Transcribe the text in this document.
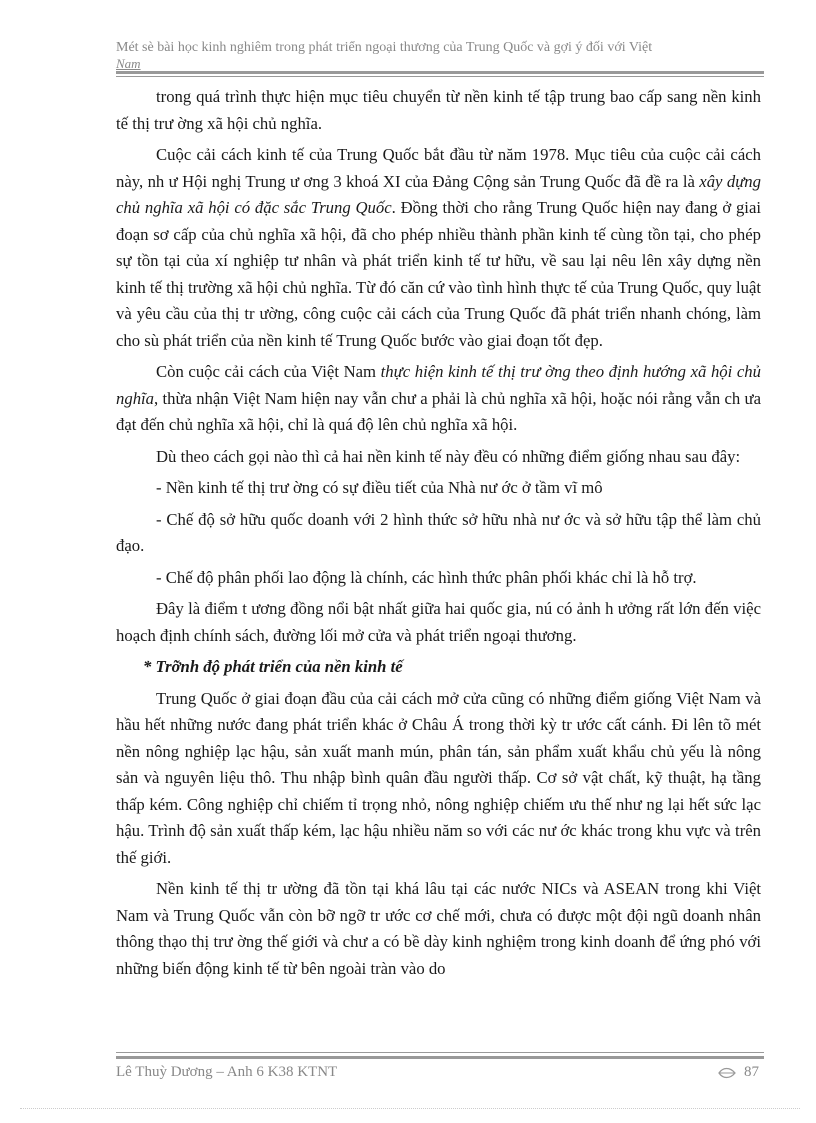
Mét sè bài học kinh nghiêm trong phát triển ngoại thương của Trung Quốc và gợi ý đối với Việt
Nam

trong quá trình thực hiện mục tiêu chuyển từ nền kinh tế tập trung bao cấp sang nền kinh tế thị trư ờng xã hội chủ nghĩa.

Cuộc cải cách kinh tế của Trung Quốc bắt đầu từ năm 1978. Mục tiêu của cuộc cải cách này, nh ư Hội nghị Trung ư ơng 3 khoá XI của Đảng Cộng sản Trung Quốc đã đề ra là xây dựng chủ nghĩa xã hội có đặc sắc Trung Quốc. Đồng thời cho rằng Trung Quốc hiện nay đang ở giai đoạn sơ cấp của chủ nghĩa xã hội, đã cho phép nhiều thành phần kinh tế cùng tồn tại, cho phép sự tồn tại của xí nghiệp tư nhân và phát triển kinh tế tư hữu, về sau lại nêu lên xây dựng nền kinh tế thị trường xã hội chủ nghĩa. Từ đó căn cứ vào tình hình thực tế của Trung Quốc, quy luật và yêu cầu của thị tr ường, công cuộc cải cách của Trung Quốc đã phát triển nhanh chóng, làm cho sù phát triển của nền kinh tế Trung Quốc bước vào giai đoạn tốt đẹp.

Còn cuộc cải cách của Việt Nam thực hiện kinh tế thị trư ờng theo định hướng xã hội chủ nghĩa, thừa nhận Việt Nam hiện nay vẫn chư a phải là chủ nghĩa xã hội, hoặc nói rằng vẫn ch ưa đạt đến chủ nghĩa xã hội, chỉ là quá độ lên chủ nghĩa xã hội.

Dù theo cách gọi nào thì cả hai nền kinh tế này đều có những điểm giống nhau sau đây:

- Nền kinh tế thị trư ờng có sự điều tiết của Nhà nư ớc ở tầm vĩ mô

- Chế độ sở hữu quốc doanh với 2 hình thức sở hữu nhà nư ớc và sở hữu tập thể làm chủ đạo.

- Chế độ phân phối lao động là chính, các hình thức phân phối khác chỉ là hỗ trợ.

Đây là điểm t ương đồng nổi bật nhất giữa hai quốc gia, nú có ảnh h ưởng rất lớn đến việc hoạch định chính sách, đường lối mở cửa và phát triển ngoại thương.

* Trỡnh độ phát triển của nền kinh tế

Trung Quốc ở giai đoạn đầu của cải cách mở cửa cũng có những điểm giống Việt Nam và hầu hết những nước đang phát triển khác ở Châu Á trong thời kỳ tr ước cất cánh. Đi lên tõ mét nền nông nghiệp lạc hậu, sản xuất manh mún, phân tán, sản phẩm xuất khẩu chủ yếu là nông sản và nguyên liệu thô. Thu nhập bình quân đầu người thấp. Cơ sở vật chất, kỹ thuật, hạ tầng thấp kém. Công nghiệp chỉ chiếm tỉ trọng nhỏ, nông nghiệp chiếm ưu thế như ng lại hết sức lạc hậu. Trình độ sản xuất thấp kém, lạc hậu nhiều năm so với các nư ớc khác trong khu vực và trên thế giới.

Nền kinh tế thị tr ường đã tồn tại khá lâu tại các nước NICs và ASEAN trong khi Việt Nam và Trung Quốc vẫn còn bỡ ngỡ tr ước cơ chế mới, chưa có được một đội ngũ doanh nhân thông thạo thị trư ờng thế giới và chư a có bề dày kinh nghiệm trong kinh doanh để ứng phó với những biến động kinh tế từ bên ngoài tràn vào do

Lê Thuỳ Dương – Anh 6 K38 KTNT	87
